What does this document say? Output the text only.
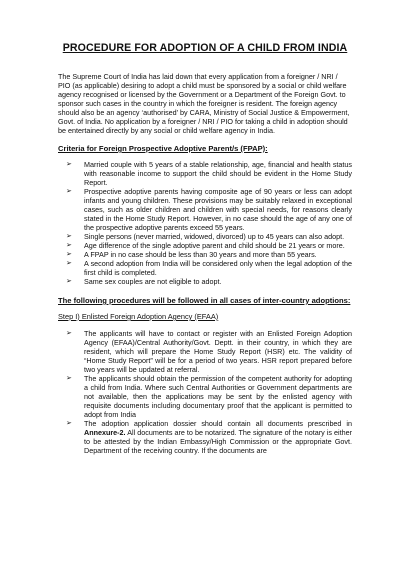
PROCEDURE FOR ADOPTION OF A CHILD FROM INDIA

The Supreme Court of India has laid down that every application from a foreigner / NRI / PIO (as applicable) desiring to adopt a child must be sponsored by a social or child welfare agency recognised or licensed by the Government or a Department of the Foreign Govt. to sponsor such cases in the country in which the foreigner is resident. The foreign agency should also be an agency ‘authorised’ by CARA, Ministry of Social Justice & Empowerment, Govt. of India. No application by a foreigner / NRI / PIO for taking a child in adoption should be entertained directly by any social or child welfare agency in India.

Criteria for Foreign Prospective Adoptive Parent/s (FPAP):

➢ Married couple with 5 years of a stable relationship, age, financial and health status with reasonable income to support the child should be evident in the Home Study Report.
➢ Prospective adoptive parents having composite age of 90 years or less can adopt infants and young children. These provisions may be suitably relaxed in exceptional cases, such as older children and children with special needs, for reasons clearly stated in the Home Study Report. However, in no case should the age of any one of the prospective adoptive parents exceed 55 years.
➢ Single persons (never married, widowed, divorced) up to 45 years can also adopt.
➢ Age difference of the single adoptive parent and child should be 21 years or more.
➢ A FPAP in no case should be less than 30 years and more than 55 years.
➢ A second adoption from India will be considered only when the legal adoption of the first child is completed.
➢ Same sex couples are not eligible to adopt.

The following procedures will be followed in all cases of inter-country adoptions:

Step I) Enlisted Foreign Adoption Agency (EFAA)

➢ The applicants will have to contact or register with an Enlisted Foreign Adoption Agency (EFAA)/Central Authority/Govt. Deptt. in their country, in which they are resident, which will prepare the Home Study Report (HSR) etc. The validity of “Home Study Report” will be for a period of two years. HSR report prepared before two years will be updated at referral.
➢ The applicants should obtain the permission of the competent authority for adopting a child from India. Where such Central Authorities or Government departments are not available, then the applications may be sent by the enlisted agency with requisite documents including documentary proof that the applicant is permitted to adopt from India
➢ The adoption application dossier should contain all documents prescribed in Annexure-2. All documents are to be notarized. The signature of the notary is either to be attested by the Indian Embassy/High Commission or the appropriate Govt. Department of the receiving country. If the documents are
